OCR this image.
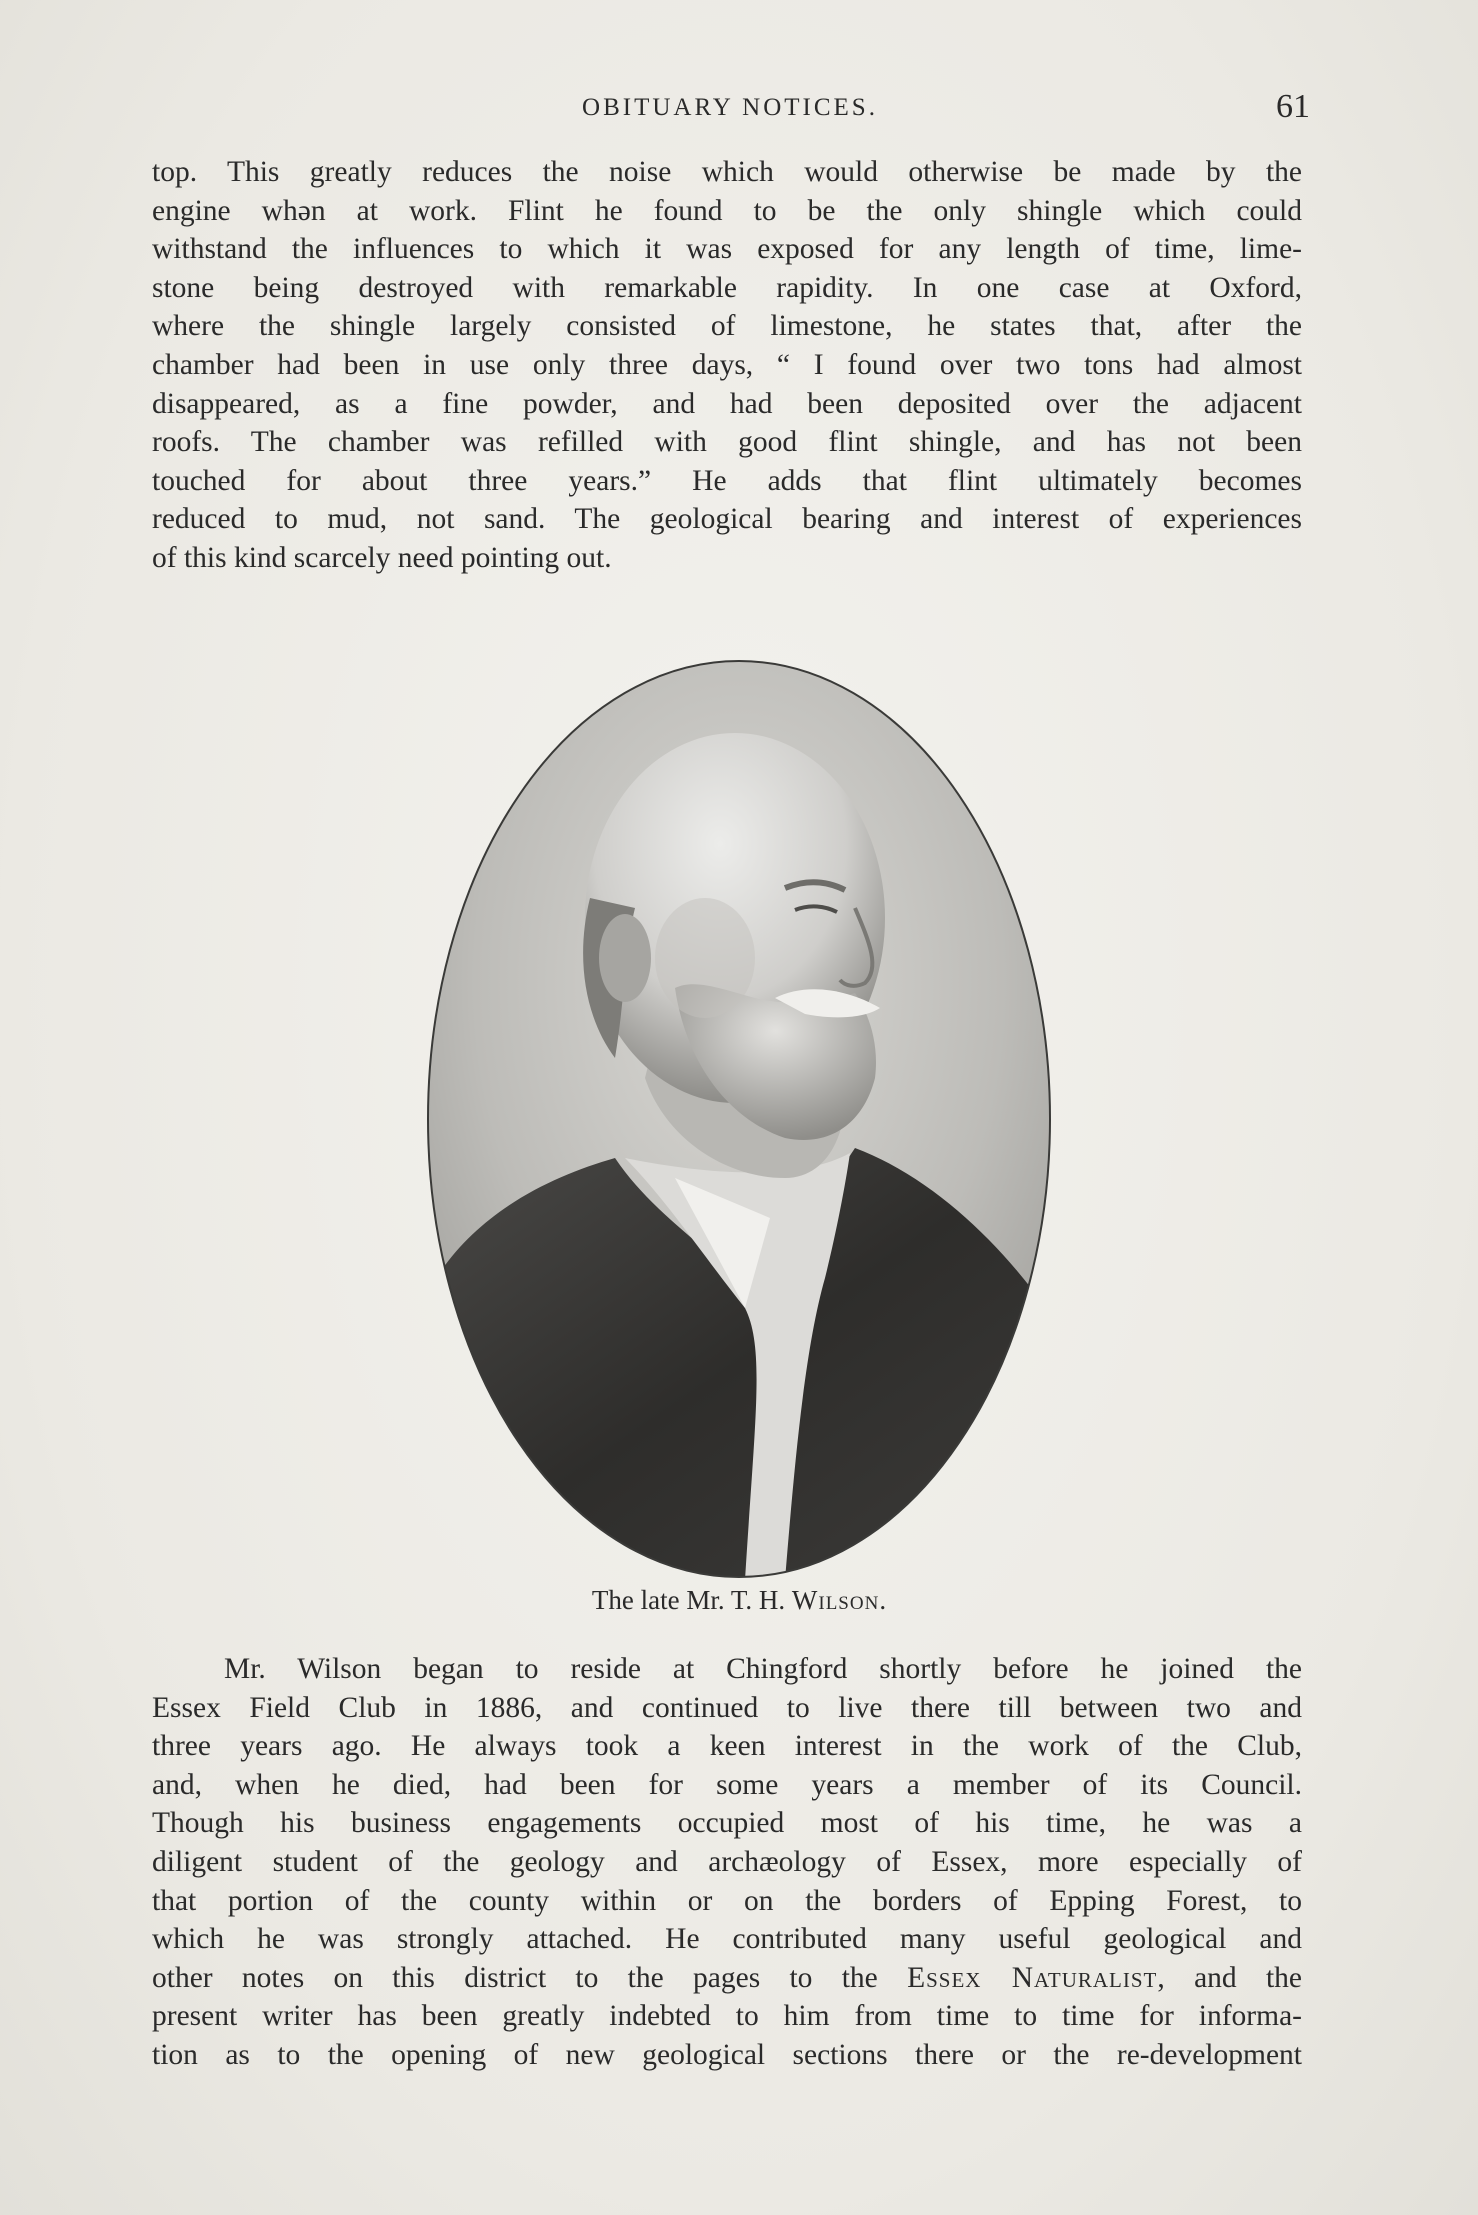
OBITUARY NOTICES.	61

top. This greatly reduces the noise which would otherwise be made by the
engine whən at work. Flint he found to be the only shingle which could
withstand the influences to which it was exposed for any length of time, lime-
stone being destroyed with remarkable rapidity. In one case at Oxford,
where the shingle largely consisted of limestone, he states that, after the
chamber had been in use only three days, “ I found over two tons had almost
disappeared, as a fine powder, and had been deposited over the adjacent
roofs. The chamber was refilled with good flint shingle, and has not been
touched for about three years.” He adds that flint ultimately becomes
reduced to mud, not sand. The geological bearing and interest of experiences
of this kind scarcely need pointing out.

The late Mr. T. H. Wilson.

Mr. Wilson began to reside at Chingford shortly before he joined the
Essex Field Club in 1886, and continued to live there till between two and
three years ago. He always took a keen interest in the work of the Club,
and, when he died, had been for some years a member of its Council.
Though his business engagements occupied most of his time, he was a
diligent student of the geology and archæology of Essex, more especially of
that portion of the county within or on the borders of Epping Forest, to
which he was strongly attached. He contributed many useful geological and
other notes on this district to the pages to the Essex Naturalist, and the
present writer has been greatly indebted to him from time to time for informa-
tion as to the opening of new geological sections there or the re-development
